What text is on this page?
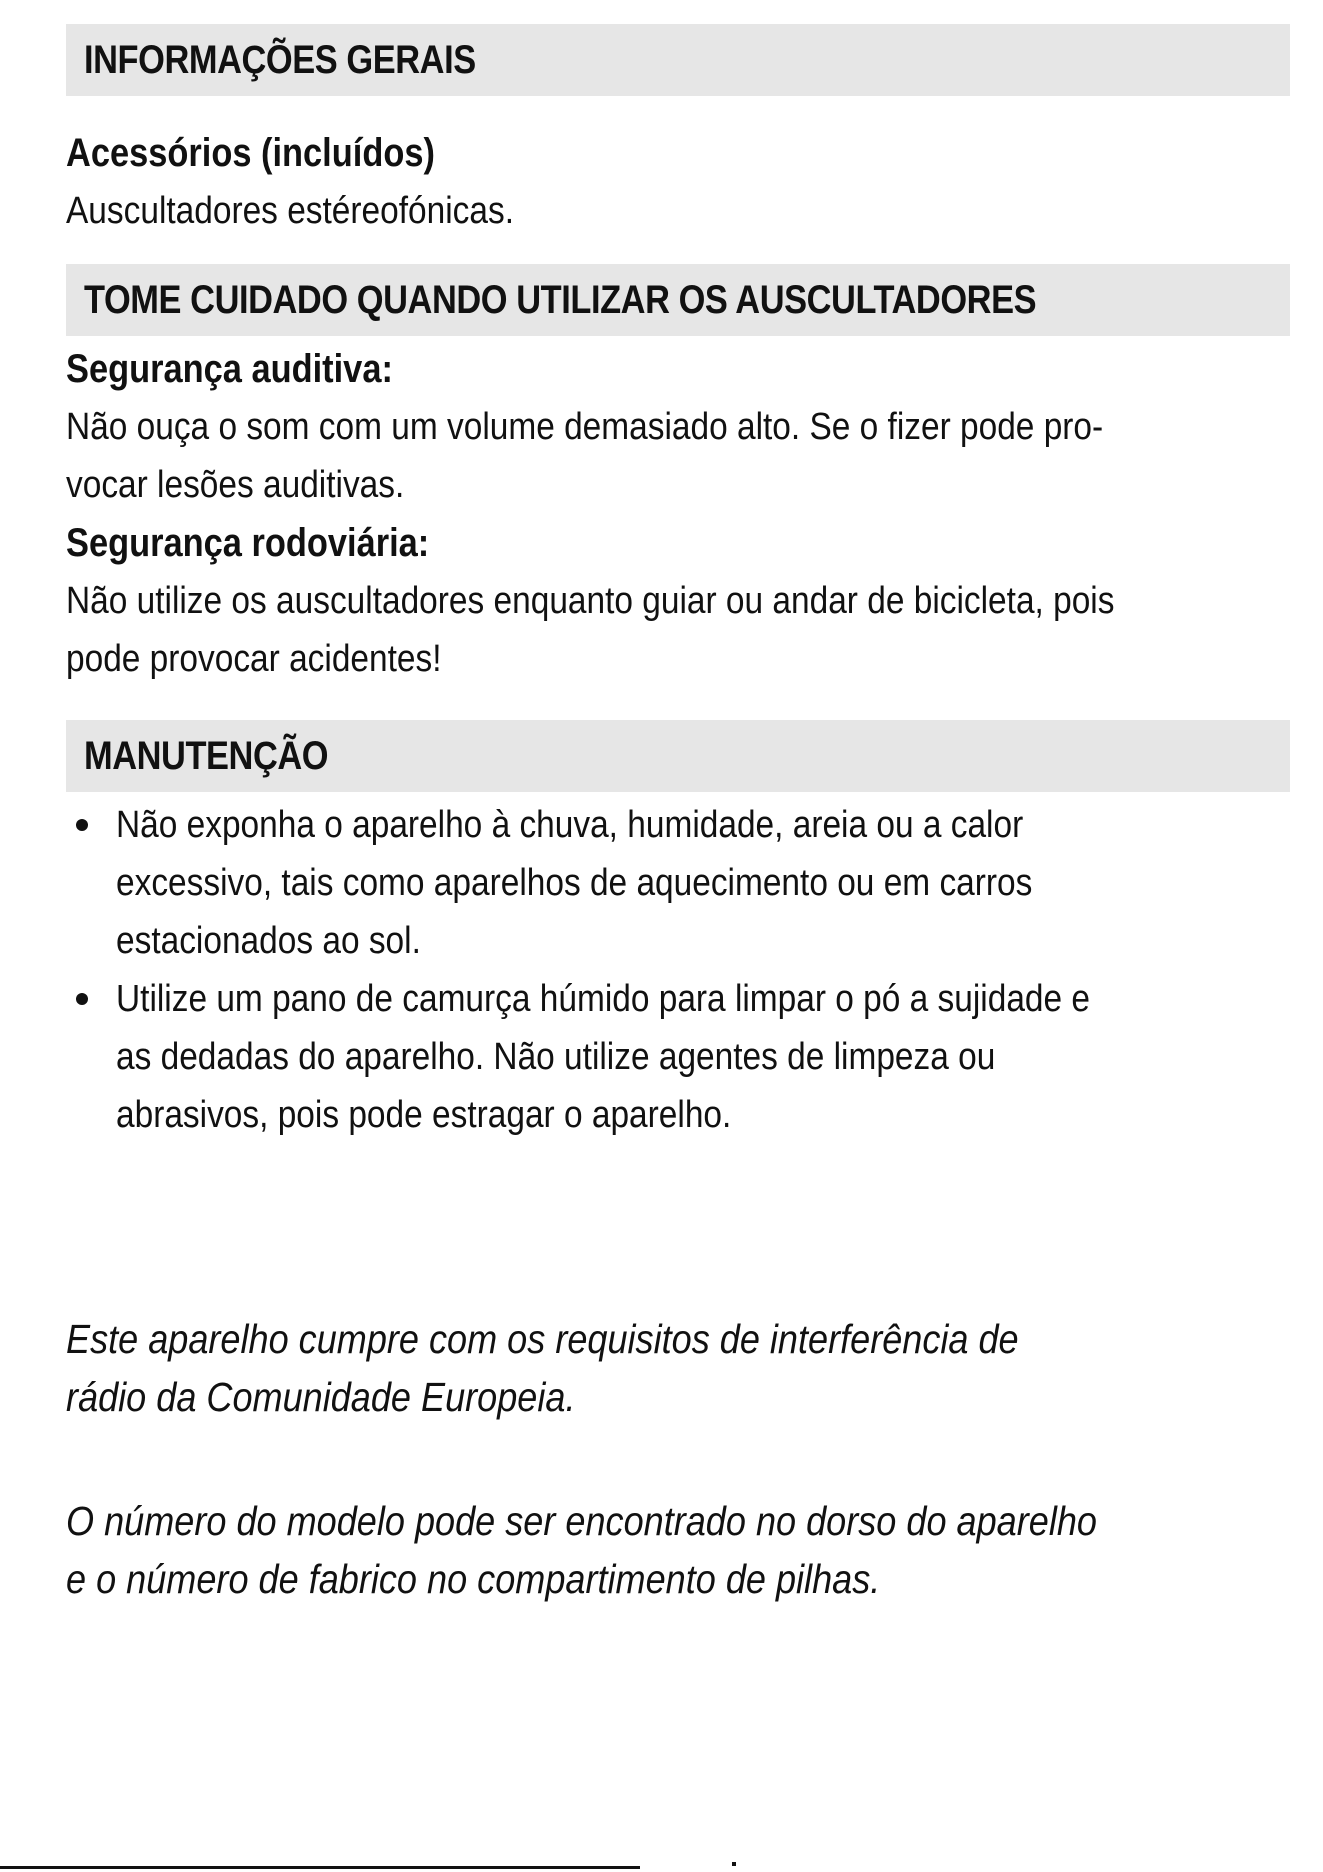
INFORMAÇÕES GERAIS
Acessórios (incluídos)
Auscultadores estéreofónicas.
TOME CUIDADO QUANDO UTILIZAR OS AUSCULTADORES
Segurança auditiva:
Não ouça o som com um volume demasiado alto. Se o fizer pode pro-
vocar lesões auditivas.
Segurança rodoviária:
Não utilize os auscultadores enquanto guiar ou andar de bicicleta, pois
pode provocar acidentes!
MANUTENÇÃO
Não exponha o aparelho à chuva, humidade, areia ou a calor
excessivo, tais como aparelhos de aquecimento ou em carros
estacionados ao sol.
Utilize um pano de camurça húmido para limpar o pó a sujidade e
as dedadas do aparelho. Não utilize agentes de limpeza ou
abrasivos, pois pode estragar o aparelho.
Este aparelho cumpre com os requisitos de interferência de
rádio da Comunidade Europeia.
O número do modelo pode ser encontrado no dorso do aparelho
e o número de fabrico no compartimento de pilhas.
